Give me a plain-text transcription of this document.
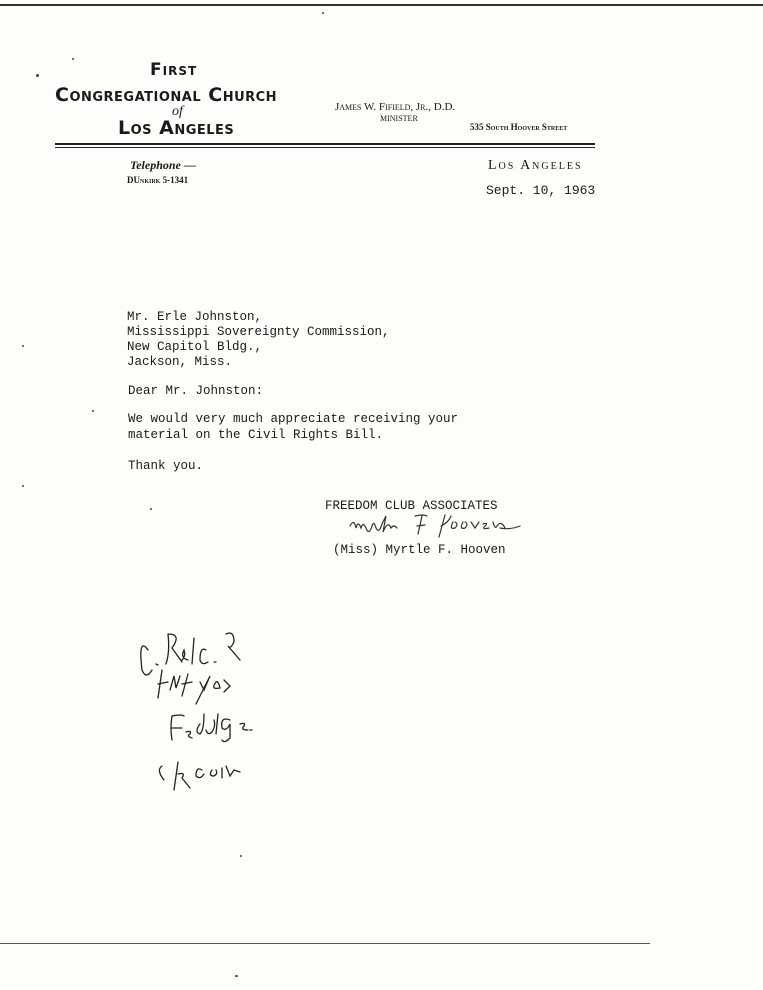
First
Congregational Church
of
Los Angeles
James W. Fifield, Jr., D.D.
MINISTER
535 South Hoover Street
Telephone —
DUnkirk 5-1341
Los Angeles
Sept. 10, 1963
Mr. Erle Johnston,
Mississippi Sovereignty Commission,
New Capitol Bldg.,
Jackson, Miss.
Dear Mr. Johnston:
We would very much appreciate receiving your
material on the Civil Rights Bill.
Thank you.
FREEDOM CLUB ASSOCIATES
(Miss) Myrtle F. Hooven
